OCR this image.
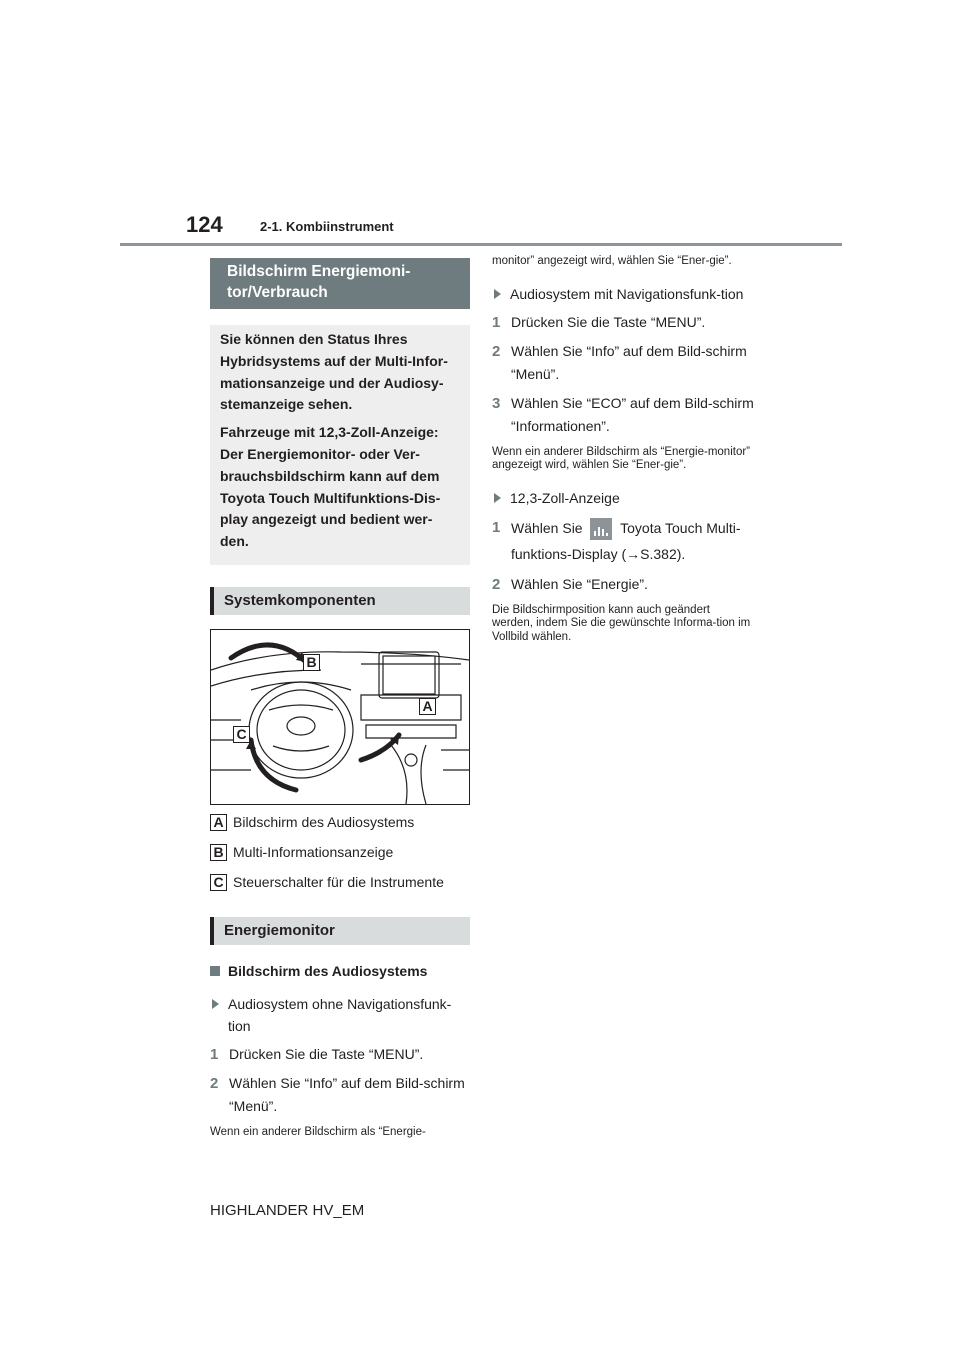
124	2-1. Kombiinstrument
Bildschirm Energiemoni-
tor/Verbrauch

Sie können den Status Ihres Hybridsystems auf der Multi-Infor-mationsanzeige und der Audiosy-stemanzeige sehen.

Fahrzeuge mit 12,3-Zoll-Anzeige: Der Energiemonitor- oder Ver-brauchsbildschirm kann auf dem Toyota Touch Multifunktions-Dis-play angezeigt und bedient wer-den.

Systemkomponenten
B
A
C
A Bildschirm des Audiosystems
B Multi-Informationsanzeige
C Steuerschalter für die Instrumente
Energiemonitor
Bildschirm des Audiosystems
Audiosystem ohne Navigationsfunk-tion
1 Drücken Sie die Taste “MENU”.
2 Wählen Sie “Info” auf dem Bild-schirm “Menü”.
Wenn ein anderer Bildschirm als “Energie-
monitor” angezeigt wird, wählen Sie “Ener-gie”.
Audiosystem mit Navigationsfunk-tion
1 Drücken Sie die Taste “MENU”.
2 Wählen Sie “Info” auf dem Bild-schirm “Menü”.
3 Wählen Sie “ECO” auf dem Bild-schirm “Informationen”.
Wenn ein anderer Bildschirm als “Energie-monitor” angezeigt wird, wählen Sie “Ener-gie”.
12,3-Zoll-Anzeige
1 Wählen Sie	Toyota Touch Multi-funktions-Display (→S.382).
2 Wählen Sie “Energie”.
Die Bildschirmposition kann auch geändert werden, indem Sie die gewünschte Informa-tion im Vollbild wählen.
HIGHLANDER HV_EM
